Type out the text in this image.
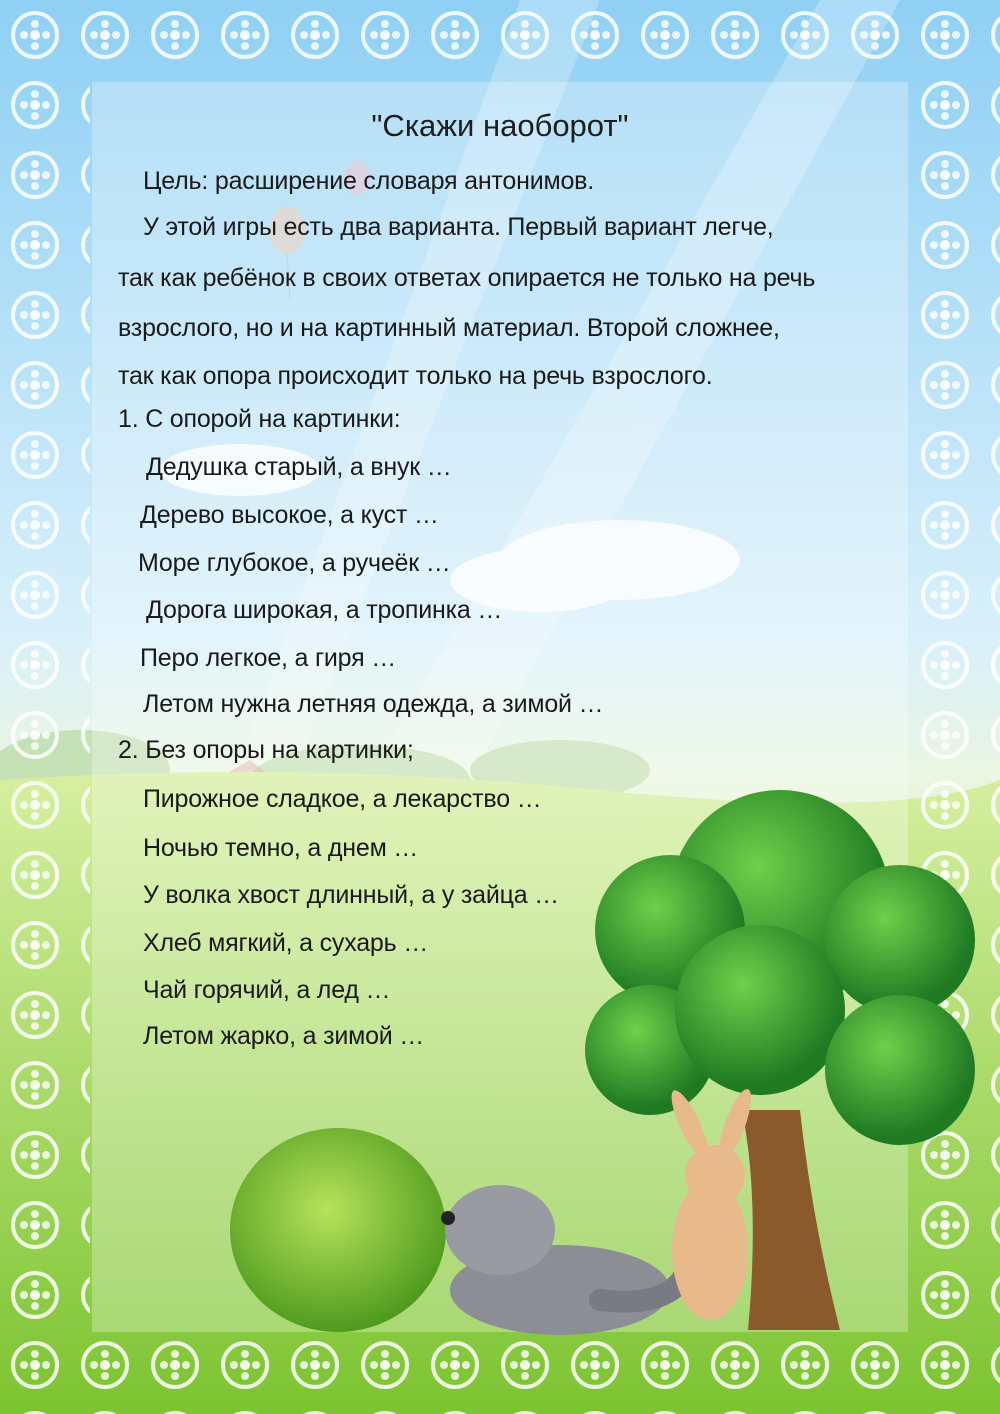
"Скажи наоборот"
Цель: расширение словаря антонимов.
У этой игры есть два варианта. Первый вариант легче,
так как ребёнок в своих ответах опирается не только на речь
взрослого, но и на картинный материал. Второй сложнее,
так как опора происходит только на речь взрослого.
1. С опорой на картинки:
Дедушка старый, а внук …
Дерево высокое, а куст …
Море глубокое, а ручеёк …
Дорога широкая, а тропинка …
Перо легкое, а гиря …
Летом нужна летняя одежда, а зимой …
2. Без опоры на картинки;
Пирожное сладкое, а лекарство …
Ночью темно, а днем …
У волка хвост длинный, а у зайца …
Хлеб мягкий, а сухарь …
Чай горячий, а лед …
Летом жарко, а зимой …
